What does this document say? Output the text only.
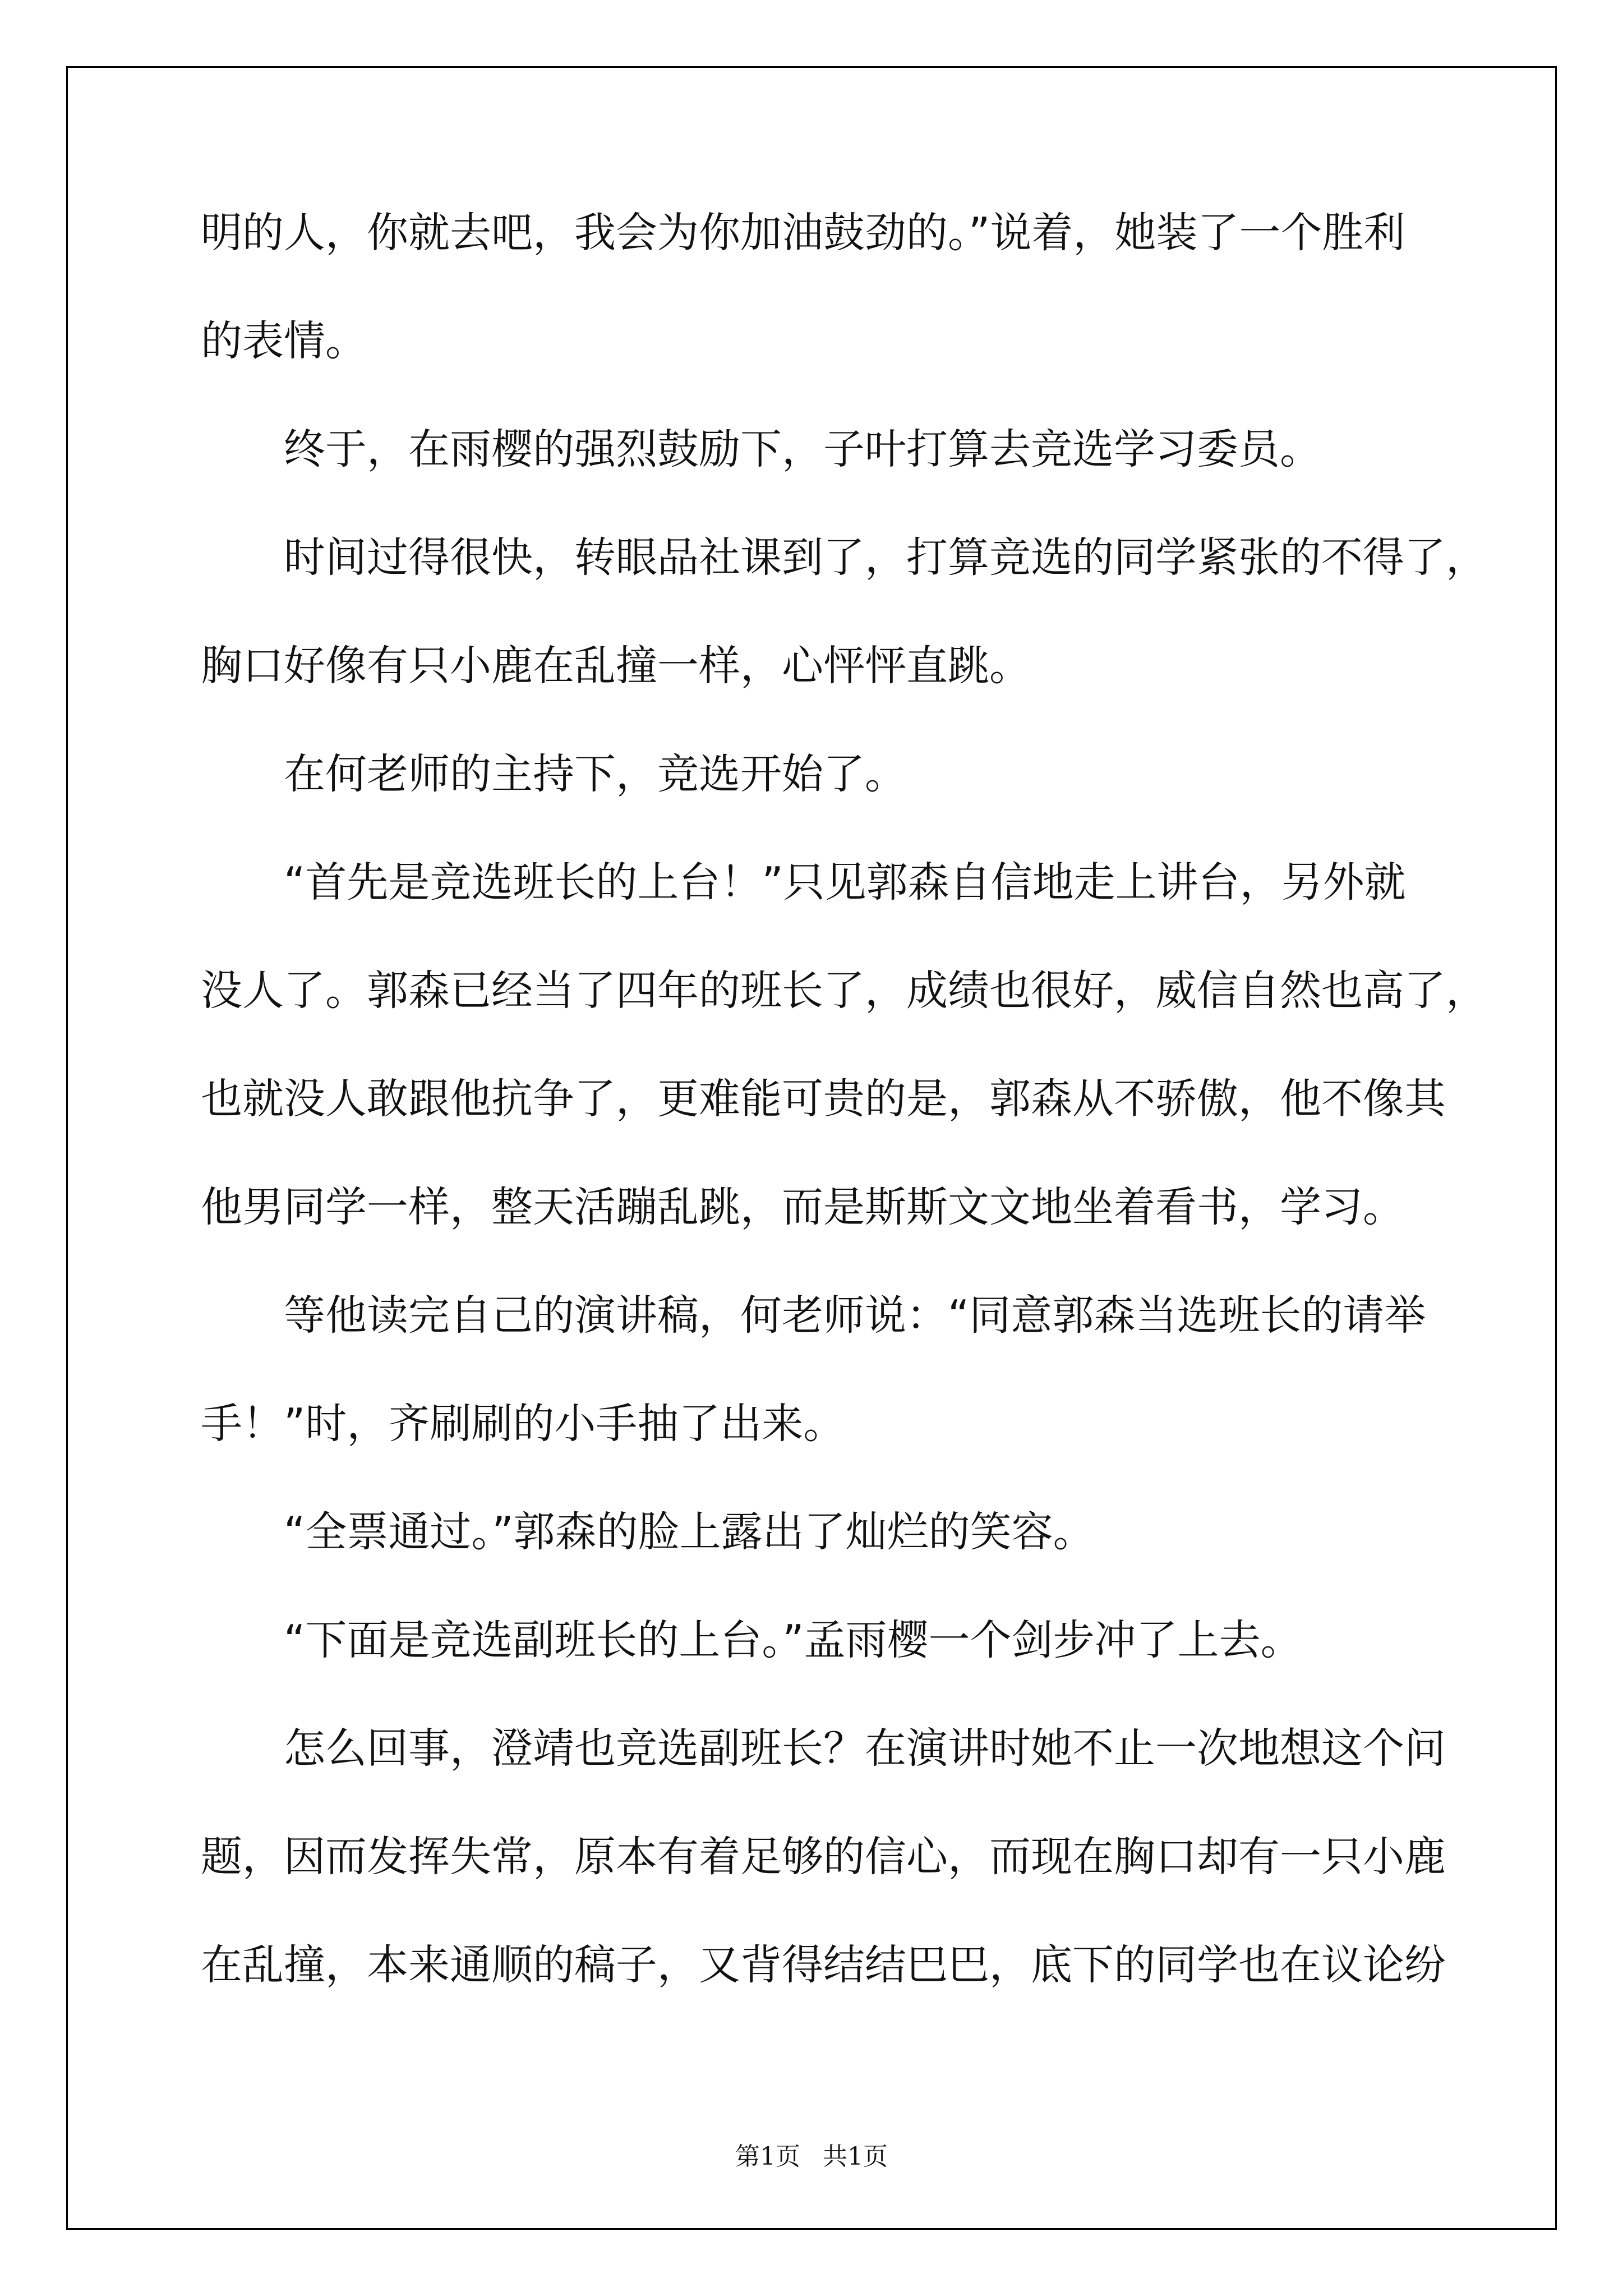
明的人，你就去吧，我会为你加油鼓劲的。”说着，她装了一个胜利
的表情。
终于，在雨樱的强烈鼓励下，子叶打算去竞选学习委员。
时间过得很快，转眼品社课到了，打算竞选的同学紧张的不得了，
胸口好像有只小鹿在乱撞一样，心怦怦直跳。
在何老师的主持下，竞选开始了。
“首先是竞选班长的上台！”只见郭森自信地走上讲台，另外就
没人了。郭森已经当了四年的班长了，成绩也很好，威信自然也高了，
也就没人敢跟他抗争了，更难能可贵的是，郭森从不骄傲，他不像其
他男同学一样，整天活蹦乱跳，而是斯斯文文地坐着看书，学习。
等他读完自己的演讲稿，何老师说：“同意郭森当选班长的请举
手！”时，齐刷刷的小手抽了出来。
“全票通过。”郭森的脸上露出了灿烂的笑容。
“下面是竞选副班长的上台。”孟雨樱一个剑步冲了上去。
怎么回事，澄靖也竞选副班长？在演讲时她不止一次地想这个问
题，因而发挥失常，原本有着足够的信心，而现在胸口却有一只小鹿
在乱撞，本来通顺的稿子，又背得结结巴巴，底下的同学也在议论纷
第1页 共1页
